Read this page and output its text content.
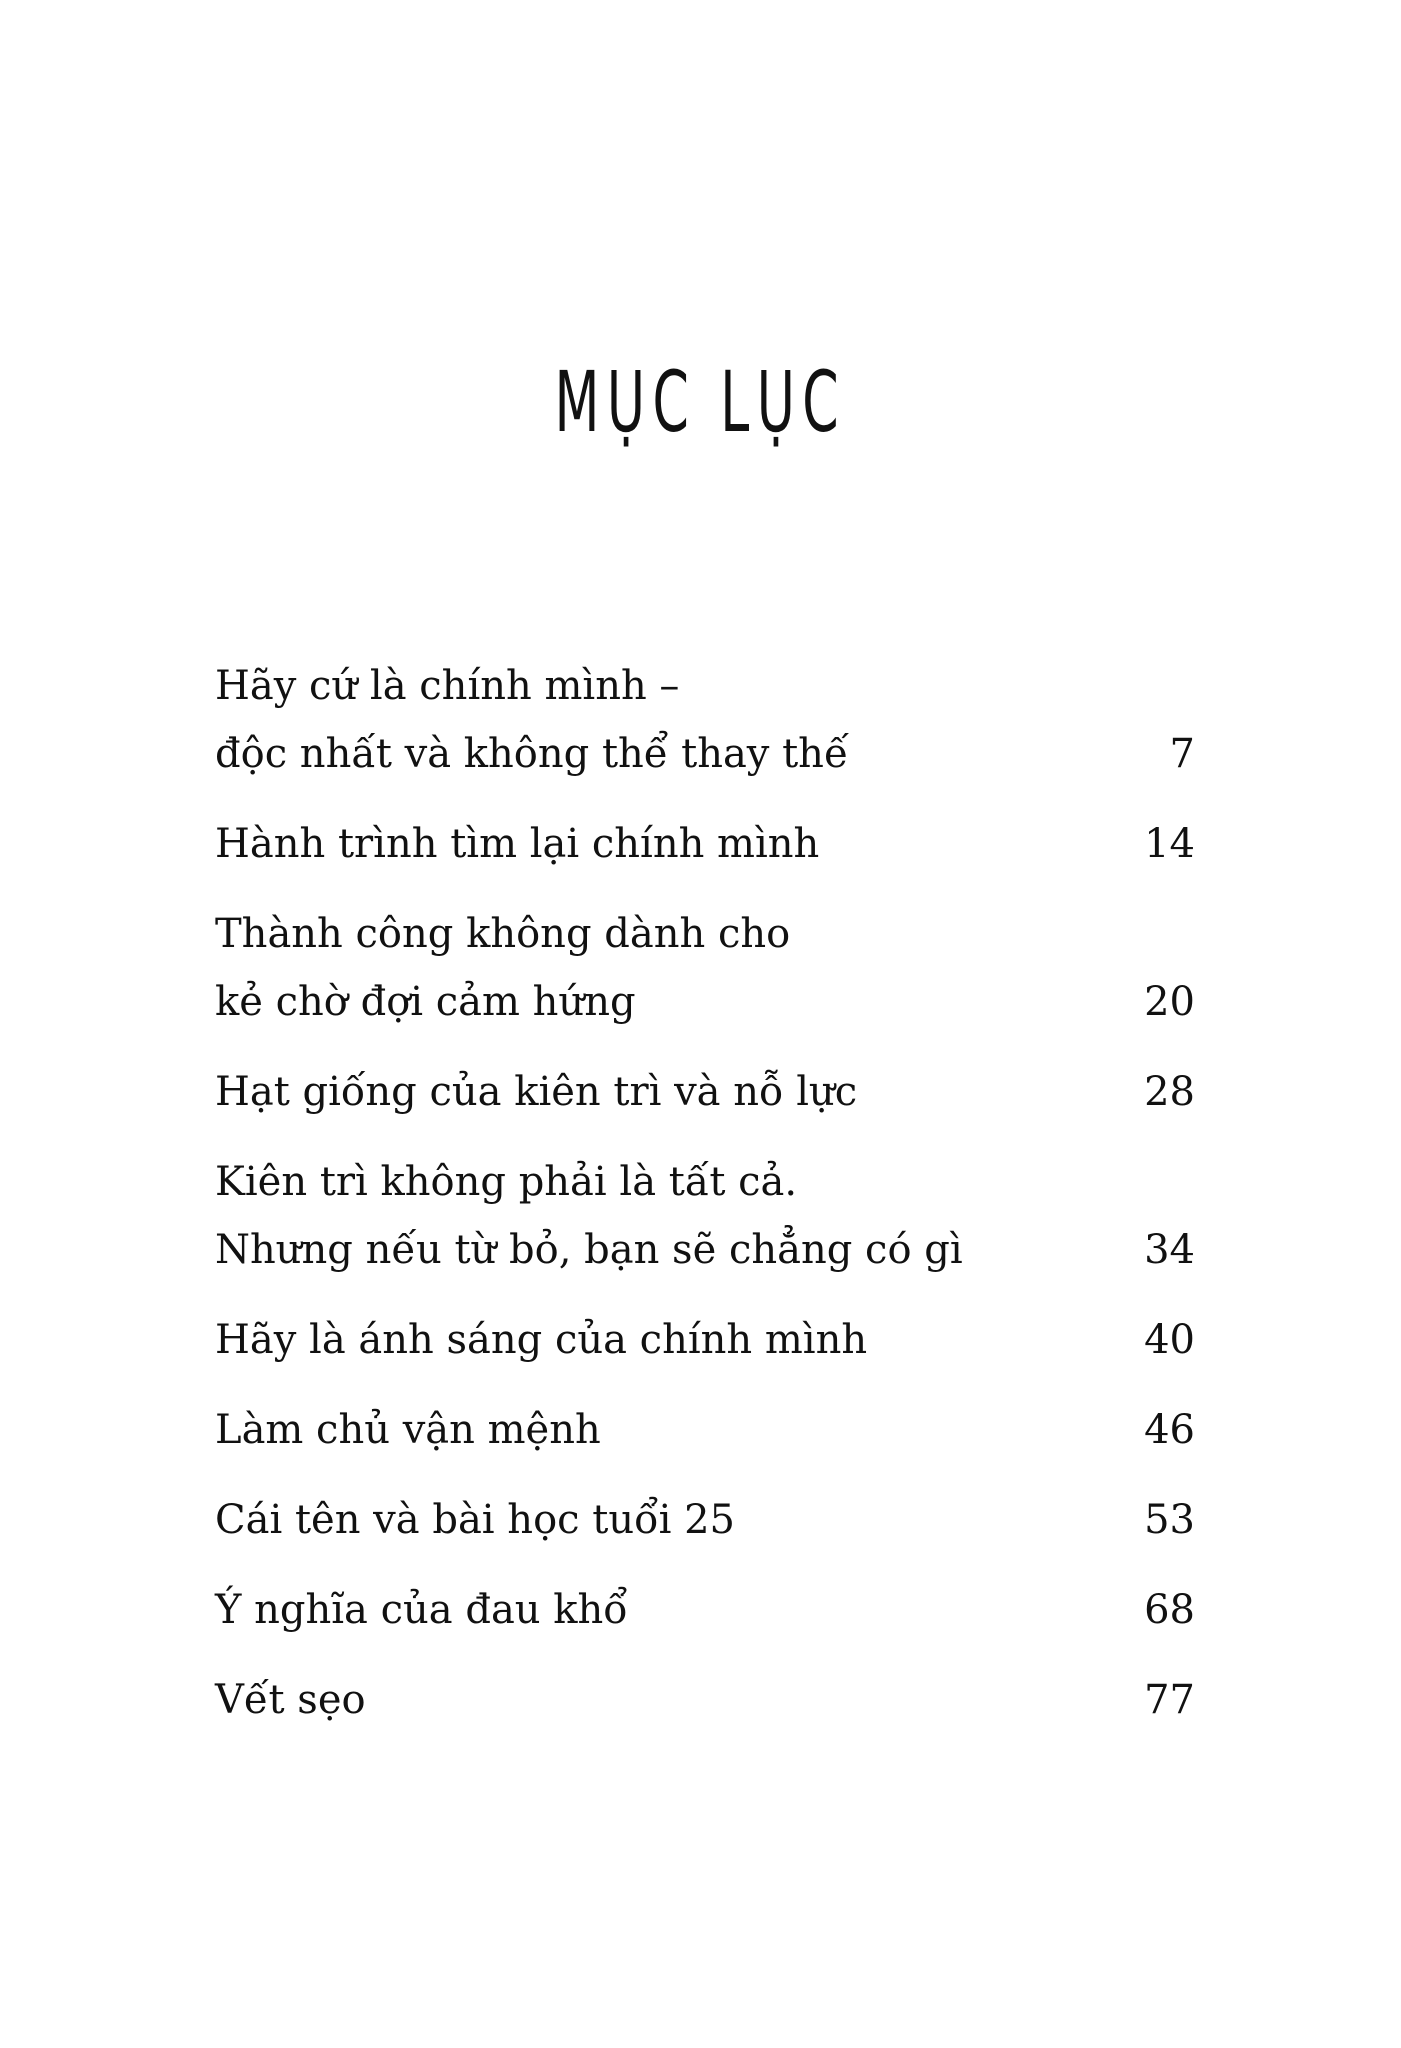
MỤC LỤC
Hãy cứ là chính mình –
độc nhất và không thể thay thế	7
Hành trình tìm lại chính mình	14
Thành công không dành cho
kẻ chờ đợi cảm hứng	20
Hạt giống của kiên trì và nỗ lực	28
Kiên trì không phải là tất cả.
Nhưng nếu từ bỏ, bạn sẽ chẳng có gì	34
Hãy là ánh sáng của chính mình	40
Làm chủ vận mệnh	46
Cái tên và bài học tuổi 25	53
Ý nghĩa của đau khổ	68
Vết sẹo	77
